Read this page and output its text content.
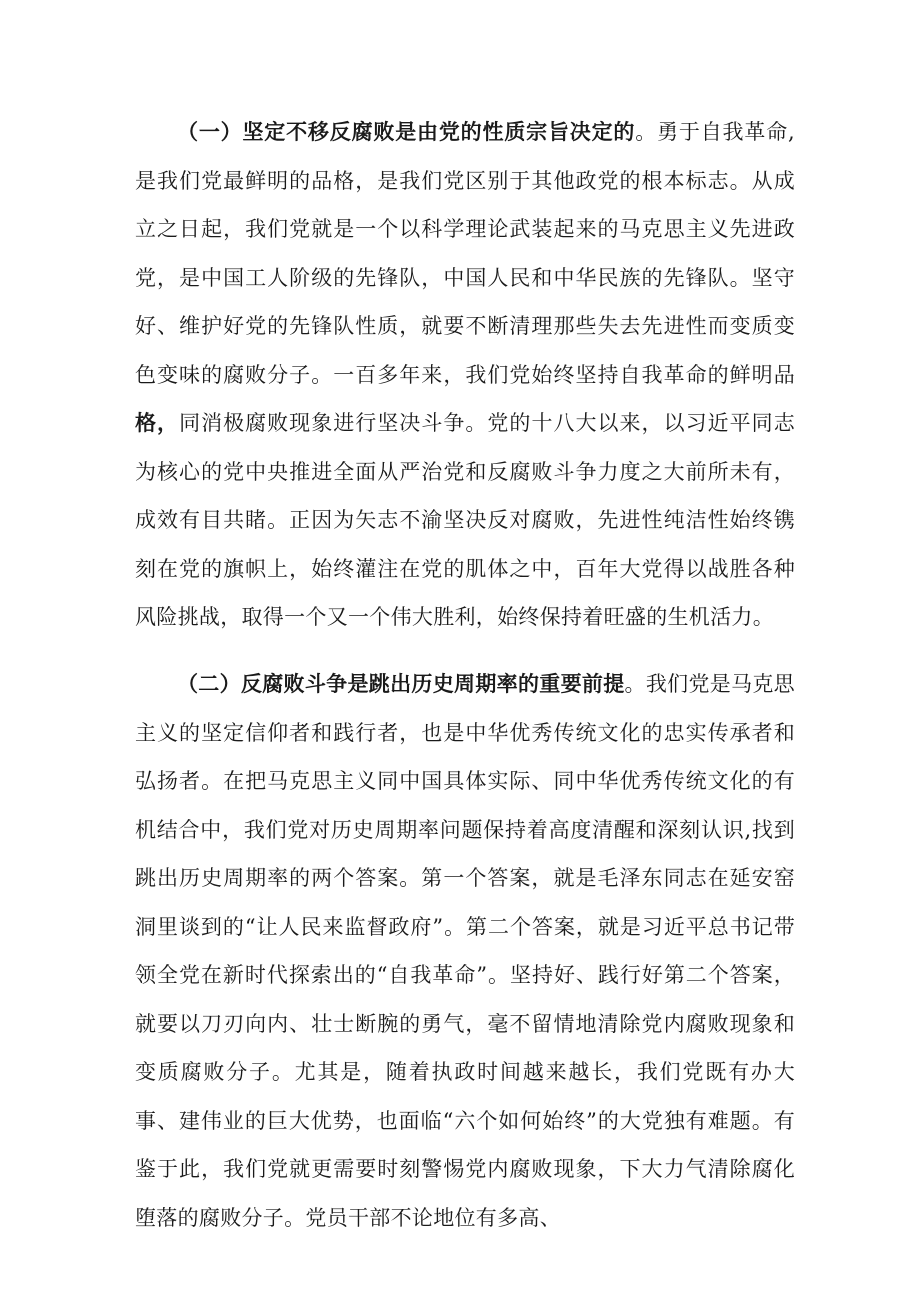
（一）坚定不移反腐败是由党的性质宗旨决定的。勇于自我革命,是我们党最鲜明的品格，是我们党区别于其他政党的根本标志。从成立之日起，我们党就是一个以科学理论武装起来的马克思主义先进政党，是中国工人阶级的先锋队，中国人民和中华民族的先锋队。坚守好、维护好党的先锋队性质，就要不断清理那些失去先进性而变质变色变味的腐败分子。一百多年来，我们党始终坚持自我革命的鲜明品格，同消极腐败现象进行坚决斗争。党的十八大以来，以习近平同志为核心的党中央推进全面从严治党和反腐败斗争力度之大前所未有，成效有目共睹。正因为矢志不渝坚决反对腐败，先进性纯洁性始终镌刻在党的旗帜上，始终灌注在党的肌体之中，百年大党得以战胜各种风险挑战，取得一个又一个伟大胜利，始终保持着旺盛的生机活力。

（二）反腐败斗争是跳出历史周期率的重要前提。我们党是马克思主义的坚定信仰者和践行者，也是中华优秀传统文化的忠实传承者和弘扬者。在把马克思主义同中国具体实际、同中华优秀传统文化的有机结合中，我们党对历史周期率问题保持着高度清醒和深刻认识,找到跳出历史周期率的两个答案。第一个答案，就是毛泽东同志在延安窑洞里谈到的“让人民来监督政府”。第二个答案，就是习近平总书记带领全党在新时代探索出的“自我革命”。坚持好、践行好第二个答案，就要以刀刃向内、壮士断腕的勇气，毫不留情地清除党内腐败现象和变质腐败分子。尤其是，随着执政时间越来越长，我们党既有办大事、建伟业的巨大优势，也面临“六个如何始终”的大党独有难题。有鉴于此，我们党就更需要时刻警惕党内腐败现象，下大力气清除腐化堕落的腐败分子。党员干部不论地位有多高、
